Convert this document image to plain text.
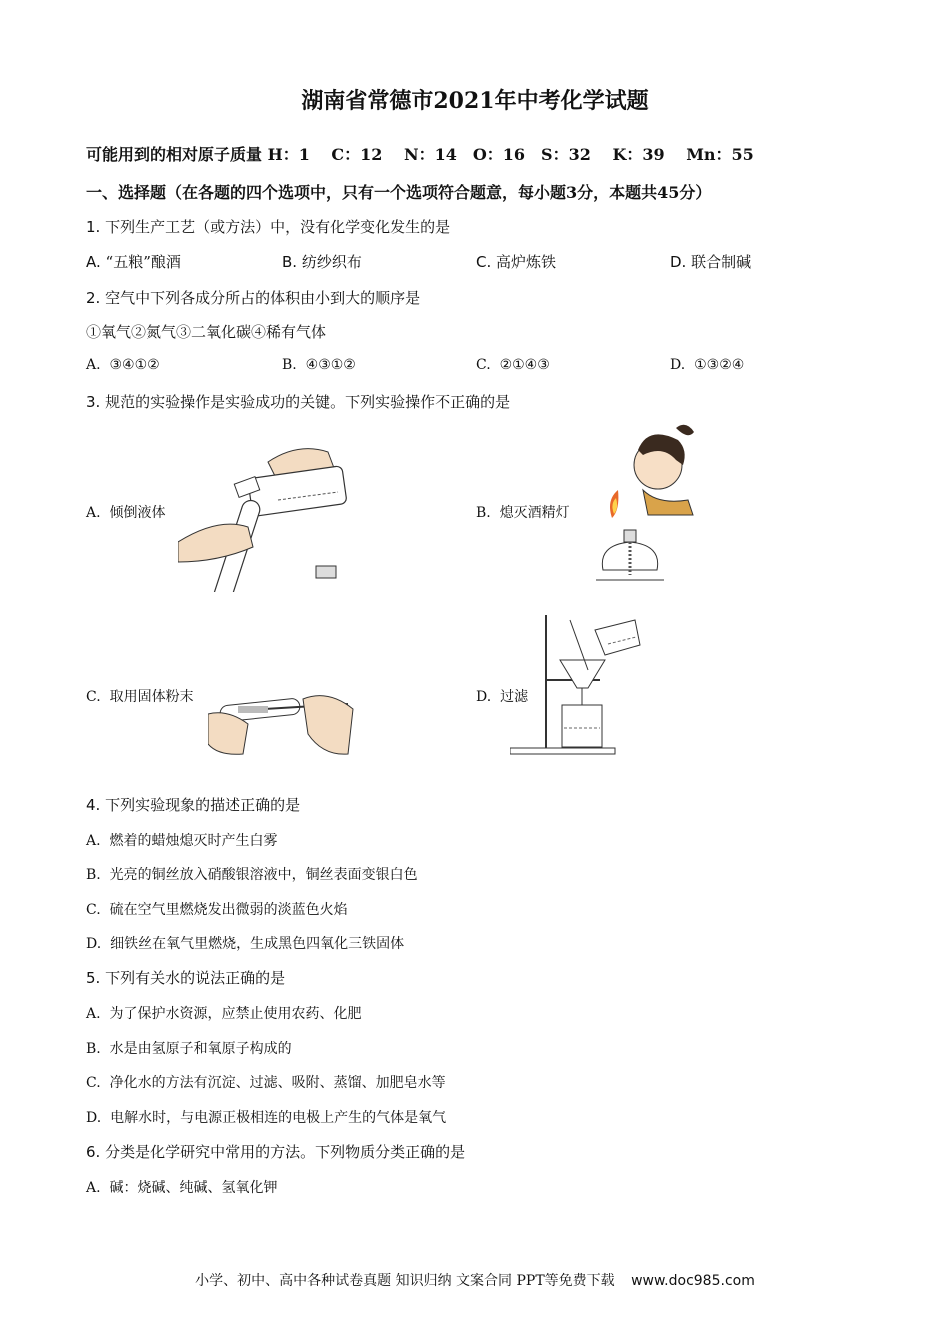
湖南省常德市2021年中考化学试题
可能用到的相对原子质量 H：1　 C：12　 N：14　O：16　S：32　 K：39　 Mn：55
一、选择题（在各题的四个选项中，只有一个选项符合题意，每小题3分，本题共45分）
1. 下列生产工艺（或方法）中，没有化学变化发生的是
A. “五粮”酿酒	B. 纺纱织布	C. 高炉炼铁	D. 联合制碱
2. 空气中下列各成分所占的体积由小到大的顺序是
①氧气②氮气③二氧化碳④稀有气体
A. ③④①②	B. ④③①②	C. ②①④③	D. ①③②④
3. 规范的实验操作是实验成功的关键。下列实验操作不正确的是
A. 倾倒液体	B. 熄灭酒精灯
C. 取用固体粉末	D. 过滤
4. 下列实验现象的描述正确的是
A. 燃着的蜡烛熄灭时产生白雾
B. 光亮的铜丝放入硝酸银溶液中，铜丝表面变银白色
C. 硫在空气里燃烧发出微弱的淡蓝色火焰
D. 细铁丝在氧气里燃烧，生成黑色四氧化三铁固体
5. 下列有关水的说法正确的是
A. 为了保护水资源，应禁止使用农药、化肥
B. 水是由氢原子和氧原子构成的
C. 净化水的方法有沉淀、过滤、吸附、蒸馏、加肥皂水等
D. 电解水时，与电源正极相连的电极上产生的气体是氧气
6. 分类是化学研究中常用的方法。下列物质分类正确的是
A. 碱：烧碱、纯碱、氢氧化钾
小学、初中、高中各种试卷真题 知识归纳 文案合同 PPT等免费下载 www.doc985.com
